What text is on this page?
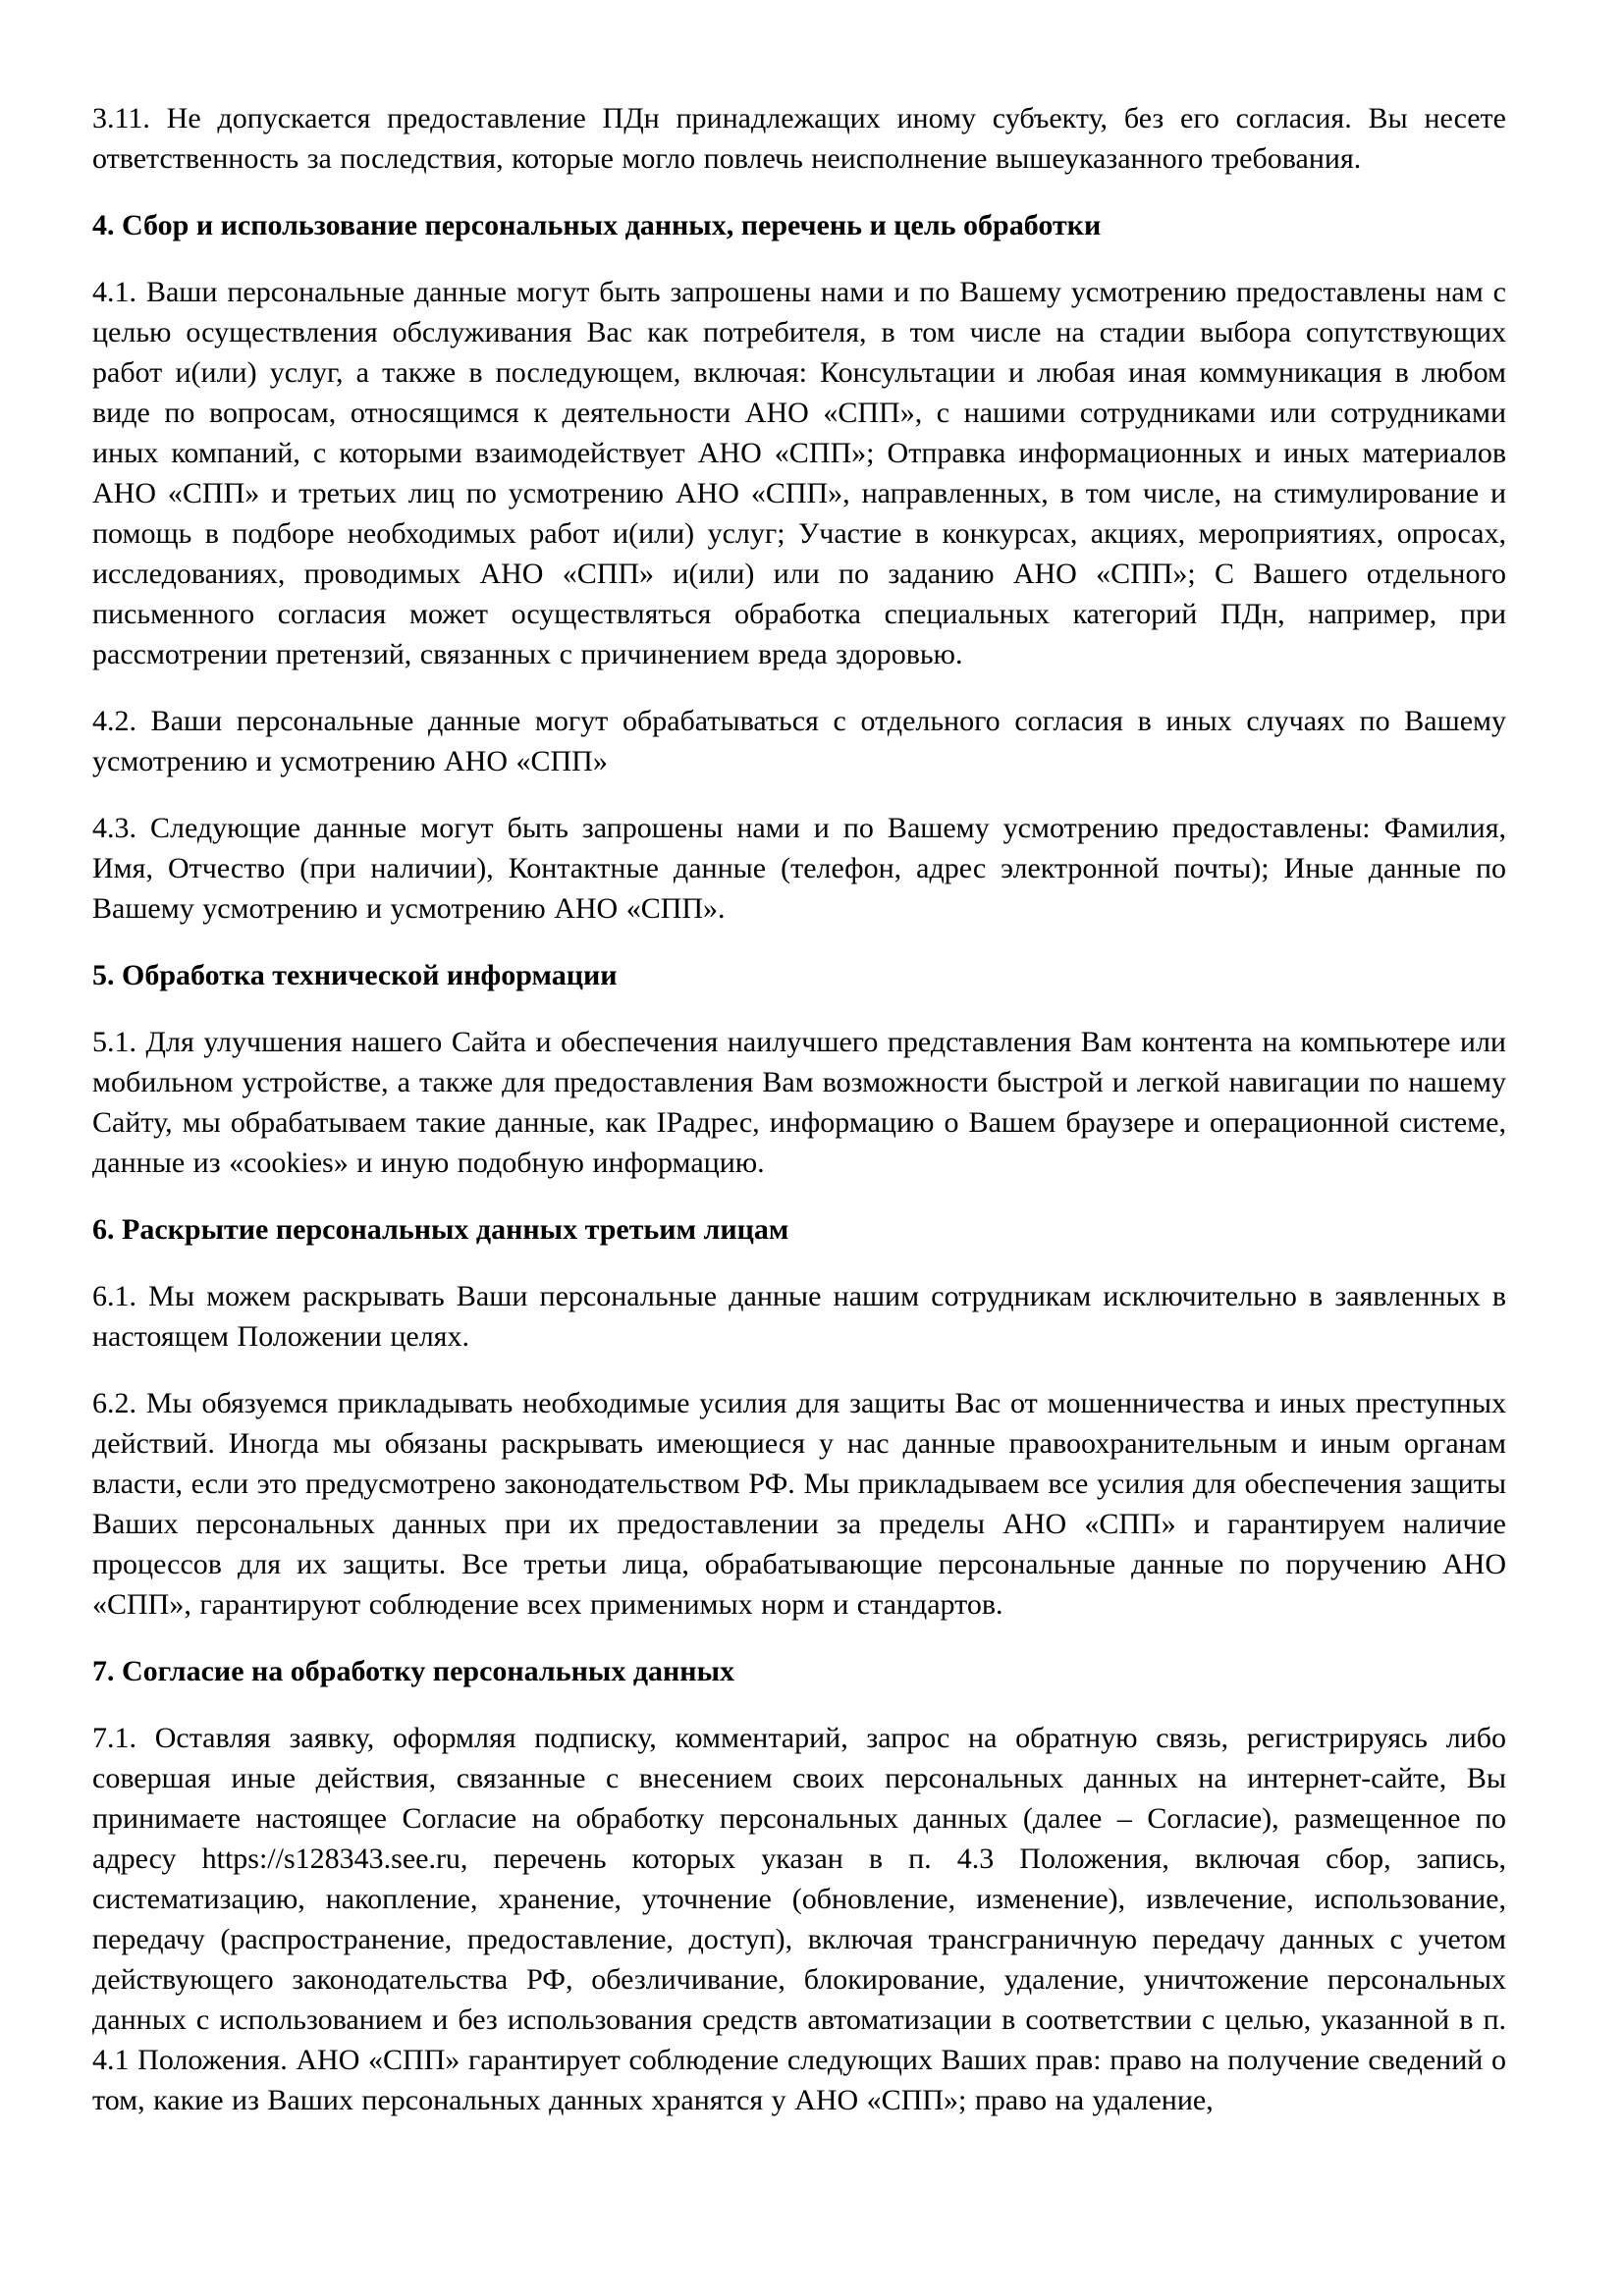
3.11. Не допускается предоставление ПДн принадлежащих иному субъекту, без его согласия. Вы несете ответственность за последствия, которые могло повлечь неисполнение вышеуказанного требования.

4. Сбор и использование персональных данных, перечень и цель обработки

4.1. Ваши персональные данные могут быть запрошены нами и по Вашему усмотрению предоставлены нам с целью осуществления обслуживания Вас как потребителя, в том числе на стадии выбора сопутствующих работ и(или) услуг, а также в последующем, включая: Консультации и любая иная коммуникация в любом виде по вопросам, относящимся к деятельности АНО «СПП», с нашими сотрудниками или сотрудниками иных компаний, с которыми взаимодействует АНО «СПП»; Отправка информационных и иных материалов АНО «СПП» и третьих лиц по усмотрению АНО «СПП», направленных, в том числе, на стимулирование и помощь в подборе необходимых работ и(или) услуг; Участие в конкурсах, акциях, мероприятиях, опросах, исследованиях, проводимых АНО «СПП» и(или) или по заданию АНО «СПП»; С Вашего отдельного письменного согласия может осуществляться обработка специальных категорий ПДн, например, при рассмотрении претензий, связанных с причинением вреда здоровью.

4.2. Ваши персональные данные могут обрабатываться с отдельного согласия в иных случаях по Вашему усмотрению и усмотрению АНО «СПП»

4.3. Следующие данные могут быть запрошены нами и по Вашему усмотрению предоставлены: Фамилия, Имя, Отчество (при наличии), Контактные данные (телефон, адрес электронной почты); Иные данные по Вашему усмотрению и усмотрению АНО «СПП».

5. Обработка технической информации

5.1. Для улучшения нашего Сайта и обеспечения наилучшего представления Вам контента на компьютере или мобильном устройстве, а также для предоставления Вам возможности быстрой и легкой навигации по нашему Сайту, мы обрабатываем такие данные, как IPадрес, информацию о Вашем браузере и операционной системе, данные из «cookies» и иную подобную информацию.

6. Раскрытие персональных данных третьим лицам

6.1. Мы можем раскрывать Ваши персональные данные нашим сотрудникам исключительно в заявленных в настоящем Положении целях.

6.2. Мы обязуемся прикладывать необходимые усилия для защиты Вас от мошенничества и иных преступных действий. Иногда мы обязаны раскрывать имеющиеся у нас данные правоохранительным и иным органам власти, если это предусмотрено законодательством РФ. Мы прикладываем все усилия для обеспечения защиты Ваших персональных данных при их предоставлении за пределы АНО «СПП» и гарантируем наличие процессов для их защиты. Все третьи лица, обрабатывающие персональные данные по поручению АНО «СПП», гарантируют соблюдение всех применимых норм и стандартов.

7. Согласие на обработку персональных данных

7.1. Оставляя заявку, оформляя подписку, комментарий, запрос на обратную связь, регистрируясь либо совершая иные действия, связанные с внесением своих персональных данных на интернет-сайте, Вы принимаете настоящее Согласие на обработку персональных данных (далее – Согласие), размещенное по адресу https://s128343.see.ru, перечень которых указан в п. 4.3 Положения, включая сбор, запись, систематизацию, накопление, хранение, уточнение (обновление, изменение), извлечение, использование, передачу (распространение, предоставление, доступ), включая трансграничную передачу данных с учетом действующего законодательства РФ, обезличивание, блокирование, удаление, уничтожение персональных данных с использованием и без использования средств автоматизации в соответствии с целью, указанной в п. 4.1 Положения. АНО «СПП» гарантирует соблюдение следующих Ваших прав: право на получение сведений о том, какие из Ваших персональных данных хранятся у АНО «СПП»; право на удаление,
